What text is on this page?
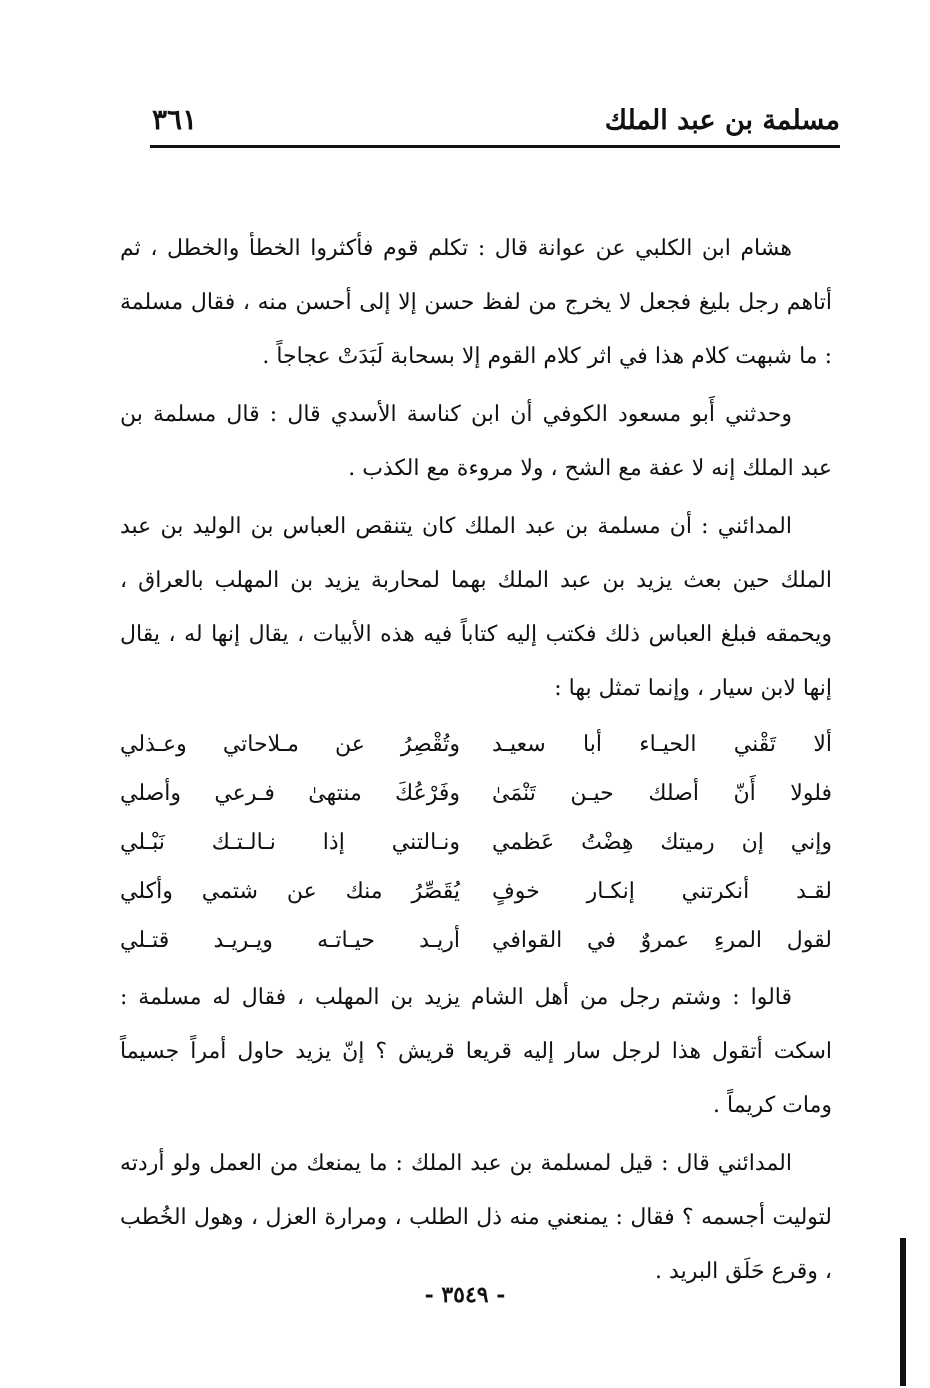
مسلمة بن عبد الملك
٣٦١

هشام ابن الكلبي عن عوانة قال : تكلم قوم فأكثروا الخطأ والخطل ، ثم أتاهم رجل بليغ فجعل لا يخرج من لفظ حسن إلا إلى أحسن منه ، فقال مسلمة : ما شبهت كلام هذا في اثر كلام القوم إلا بسحابة لَبَدَتْ عجاجاً .

وحدثني أَبو مسعود الكوفي أن ابن كناسة الأسدي قال : قال مسلمة بن عبد الملك إنه لا عفة مع الشح ، ولا مروءة مع الكذب .

المدائني : أن مسلمة بن عبد الملك كان يتنقص العباس بن الوليد بن عبد الملك حين بعث يزيد بن عبد الملك بهما لمحاربة يزيد بن المهلب بالعراق ، ويحمقه فبلغ العباس ذلك فكتب إليه كتاباً فيه هذه الأبيات ، يقال إنها له ، يقال إنها لابن سيار ، وإنما تمثل بها :

ألا تَقْني الحيـاء أبا سعيـد
وتُقْصِرُ عن مـلاحاتي وعـذلي
فلولا أَنّ أصلك حيـن تَنْمَىٰ
وفَرْعُكَ منتهىٰ فـرعي وأصلي
وإني إن رميتك هِضْتُ عَظمي
ونـالتني إذا نـالـتـك نَبْـلي
لقـد أنكرتني إنكـار خوفٍ
يُقَصِّرُ منك عن شتمي وأكلي
لقول المرءِ عمروٌ في القوافي
أريـد حيـاتـه ويـريـد قتـلي

قالوا : وشتم رجل من أهل الشام يزيد بن المهلب ، فقال له مسلمة : اسكت أتقول هذا لرجل سار إليه قريعا قريش ؟ إنّ يزيد حاول أمراً جسيماً ومات كريماً .

المدائني قال : قيل لمسلمة بن عبد الملك : ما يمنعك من العمل ولو أردته لتوليت أجسمه ؟ فقال : يمنعني منه ذل الطلب ، ومرارة العزل ، وهول الخُطب ، وقرع حَلَق البريد .

- ٣٥٤٩ -
